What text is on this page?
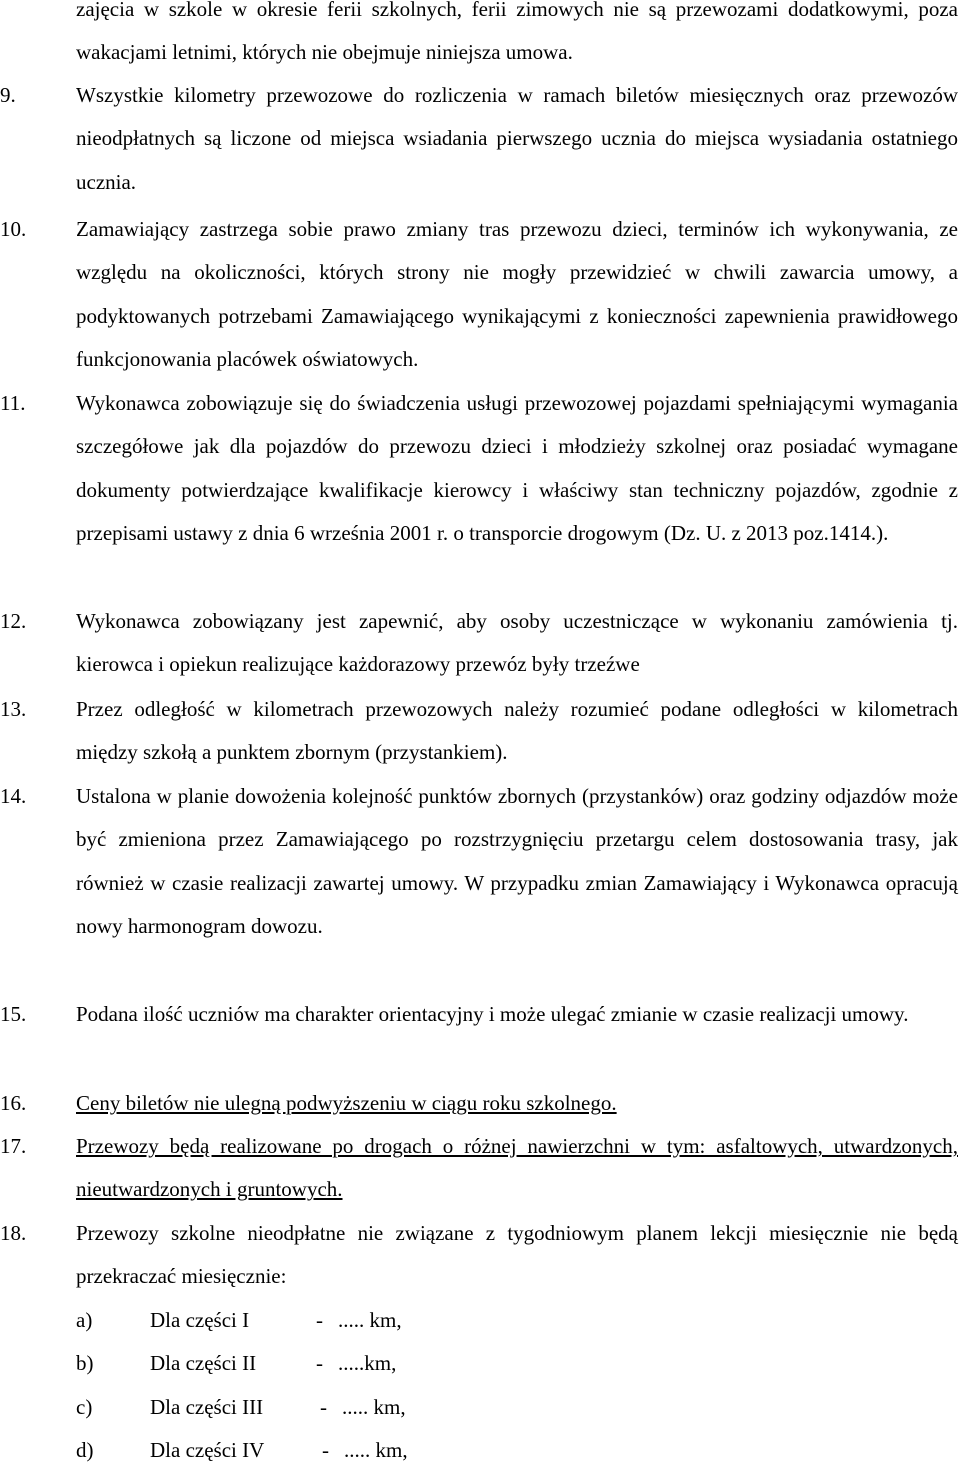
zajęcia w szkole w okresie ferii szkolnych, ferii zimowych nie są przewozami dodatkowymi, poza wakacjami letnimi, których nie obejmuje niniejsza umowa.
9.	Wszystkie kilometry przewozowe do rozliczenia w ramach biletów miesięcznych oraz przewozów nieodpłatnych są liczone od miejsca wsiadania pierwszego ucznia do miejsca wysiadania ostatniego ucznia.
10. Zamawiający zastrzega sobie prawo zmiany tras przewozu dzieci, terminów ich wykonywania, ze względu na okoliczności, których strony nie mogły przewidzieć w chwili zawarcia umowy, a podyktowanych potrzebami Zamawiającego wynikającymi z konieczności zapewnienia prawidłowego funkcjonowania placówek oświatowych.
11. Wykonawca zobowiązuje się do świadczenia usługi przewozowej pojazdami spełniającymi wymagania szczegółowe jak dla pojazdów do przewozu dzieci i młodzieży szkolnej oraz posiadać wymagane dokumenty potwierdzające kwalifikacje kierowcy i właściwy stan techniczny pojazdów, zgodnie z przepisami ustawy z dnia 6 września 2001 r. o transporcie drogowym (Dz. U. z 2013 poz.1414.).
12. Wykonawca zobowiązany jest zapewnić, aby osoby uczestniczące w wykonaniu zamówienia tj. kierowca i opiekun realizujące każdorazowy przewóz były trzeźwe
13. Przez odległość w kilometrach przewozowych należy rozumieć podane odległości w kilometrach między szkołą a punktem zbornym (przystankiem).
14. Ustalona w planie dowożenia kolejność punktów zbornych (przystanków) oraz godziny odjazdów może być zmieniona przez Zamawiającego po rozstrzygnięciu przetargu celem dostosowania trasy, jak również w czasie realizacji zawartej umowy. W przypadku zmian Zamawiający i Wykonawca opracują nowy harmonogram dowozu.
15. Podana ilość uczniów ma charakter orientacyjny i może ulegać zmianie w czasie realizacji umowy.
16. Ceny biletów nie ulegną podwyższeniu w ciągu roku szkolnego.
17. Przewozy będą realizowane po drogach o różnej nawierzchni w tym: asfaltowych, utwardzonych, nieutwardzonych i gruntowych.
18. Przewozy szkolne nieodpłatne nie związane z tygodniowym planem lekcji miesięcznie nie będą przekraczać miesięcznie:
a)	Dla części I	- ..... km,
b)	Dla części II	- .....km,
c)	Dla części III	- ..... km,
d)	Dla części IV	- ..... km,
